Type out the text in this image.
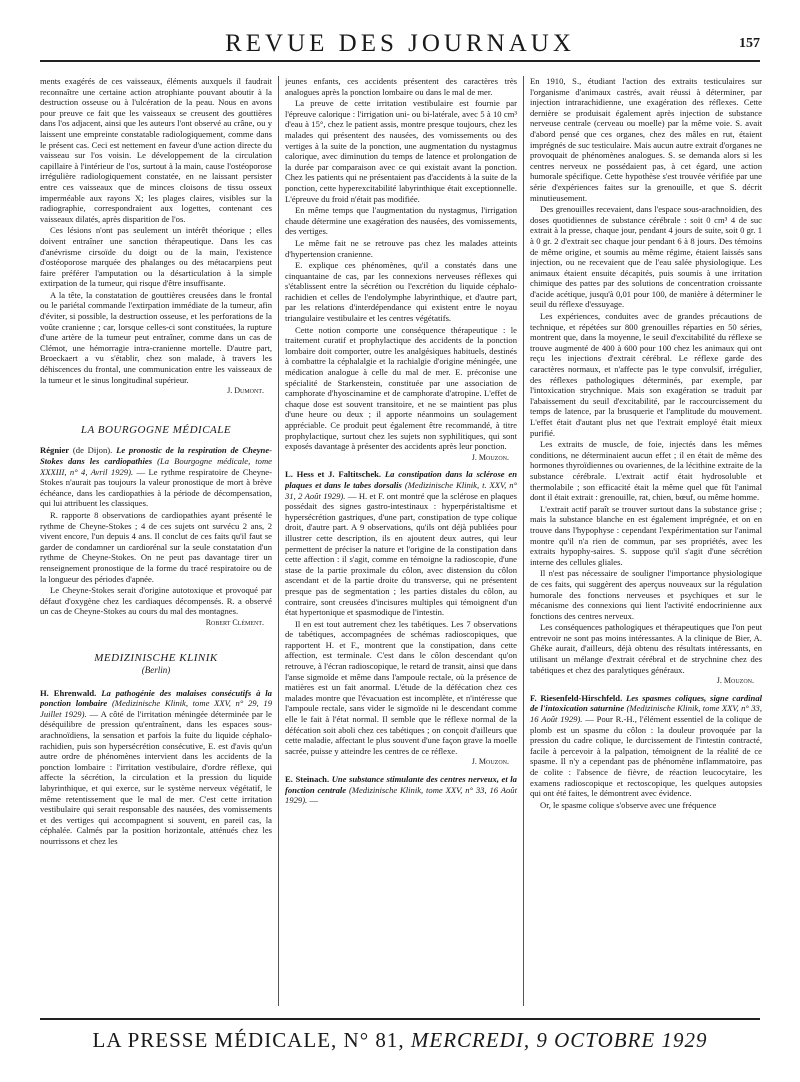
REVUE DES JOURNAUX	157

ments exagérés de ces vaisseaux, éléments auxquels il faudrait reconnaître une certaine action atrophiante pouvant aboutir à la destruction osseuse ou à l'ulcération de la peau. Nous en avons pour preuve ce fait que les vaisseaux se creusent des gouttières dans l'os adjacent, ainsi que les auteurs l'ont observé au crâne, ou y laissent une empreinte constatable radiologiquement, comme dans le présent cas. Ceci est nettement en faveur d'une action directe du vaisseau sur l'os voisin. Le développement de la circulation capillaire à l'intérieur de l'os, surtout à la main, cause l'ostéoporose irrégulière radiologiquement constatée, en ne laissant persister entre ces vaisseaux que de minces cloisons de tissu osseux imperméable aux rayons X; les plages claires, visibles sur la radiographie, correspondraient aux logettes, contenant ces vaisseaux dilatés, après disparition de l'os.

Ces lésions n'ont pas seulement un intérêt théorique ; elles doivent entraîner une sanction thérapeutique. Dans les cas d'anévrisme cirsoïde du doigt ou de la main, l'existence d'ostéoporose marquée des phalanges ou des métacarpiens peut faire préférer l'amputation ou la désarticulation à la simple extirpation de la tumeur, qui risque d'être insuffisante.

A la tête, la constatation de gouttières creusées dans le frontal ou le pariétal commande l'extirpation immédiate de la tumeur, afin d'éviter, si possible, la destruction osseuse, et les perforations de la voûte cranienne ; car, lorsque celles-ci sont constituées, la rupture d'une artère de la tumeur peut entraîner, comme dans un cas de Clémot, une hémorragie intra-cranienne mortelle. D'autre part, Broeckaert a vu s'établir, chez son malade, à travers les déhiscences du frontal, une communication entre les vaisseaux de la tumeur et le sinus longitudinal supérieur.

J. Dumont.
LA BOURGOGNE MÉDICALE

Régnier (de Dijon). Le pronostic de la respiration de Cheyne-Stokes dans les cardiopathies (La Bourgogne médicale, tome XXXIII, n° 4, Avril 1929). — Le rythme respiratoire de Cheyne-Stokes n'aurait pas toujours la valeur pronostique de mort à brève échéance, dans les cardiopathies à la période de décompensation, qui lui attribuent les classiques.

R. rapporte 8 observations de cardiopathies ayant présenté le rythme de Cheyne-Stokes ; 4 de ces sujets ont survécu 2 ans, 2 vivent encore, l'un depuis 4 ans. Il conclut de ces faits qu'il faut se garder de condamner un cardiorénal sur la seule constatation d'un rythme de Cheyne-Stokes. On ne peut pas davantage tirer un renseignement pronostique de la forme du tracé respiratoire ou de la longueur des périodes d'apnée.

Le Cheyne-Stokes serait d'origine autotoxique et provoqué par défaut d'oxygène chez les cardiaques décompensés. R. a observé un cas de Cheyne-Stokes au cours du mal des montagnes.

Robert Clément.
MEDIZINISCHE KLINIK
(Berlin)

H. Ehrenwald. La pathogénie des malaises consécutifs à la ponction lombaire (Medizinische Klinik, tome XXV, n° 29, 19 Juillet 1929). — A côté de l'irritation méningée déterminée par le déséquilibre de pression qu'entraînent, dans les espaces sous-arachnoïdiens, la sensation et parfois la fuite du liquide céphalo-rachidien, puis son hypersécrétion consécutive, E. est d'avis qu'un autre ordre de phénomènes intervient dans les accidents de la ponction lombaire : l'irritation vestibulaire, d'ordre réflexe, qui affecte la sécrétion, la circulation et la pression du liquide labyrinthique, et qui exerce, sur le système nerveux végétatif, le même retentissement que le mal de mer. C'est cette irritation vestibulaire qui serait responsable des nausées, des vomissements et des vertiges qui accompagnent si souvent, en pareil cas, la céphalée. Calmés par la position horizontale, atténués chez les nourrissons et chez les

jeunes enfants, ces accidents présentent des caractères très analogues après la ponction lombaire ou dans le mal de mer.

La preuve de cette irritation vestibulaire est fournie par l'épreuve calorique : l'irrigation uni- ou bi-latérale, avec 5 à 10 cm³ d'eau à 15°, chez le patient assis, montre presque toujours, chez les malades qui présentent des nausées, des vomissements ou des vertiges à la suite de la ponction, une augmentation du nystagmus calorique, avec diminution du temps de latence et prolongation de la durée par comparaison avec ce qui existait avant la ponction. Chez les patients qui ne présentaient pas d'accidents à la suite de la ponction, cette hyperexcitabilité labyrinthique était exceptionnelle. L'épreuve du froid n'était pas modifiée.

En même temps que l'augmentation du nystagmus, l'irrigation chaude détermine une exagération des nausées, des vomissements, des vertiges.

Le même fait ne se retrouve pas chez les malades atteints d'hypertension cranienne.

E. explique ces phénomènes, qu'il a constatés dans une cinquantaine de cas, par les connexions nerveuses réflexes qui s'établissent entre la sécrétion ou l'excrétion du liquide céphalo-rachidien et celles de l'endolymphe labyrinthique, et d'autre part, par les relations d'interdépendance qui existent entre le noyau triangulaire vestibulaire et les centres végétatifs.

Cette notion comporte une conséquence thérapeutique : le traitement curatif et prophylactique des accidents de la ponction lombaire doit comporter, outre les analgésiques habituels, destinés à combattre la céphalalgie et la rachialgie d'origine méningée, une médication analogue à celle du mal de mer. E. préconise une spécialité de Starkenstein, constituée par une association de camphorate d'hyoscinamine et de camphorate d'atropine. L'effet de chaque dose est souvent transitoire, et ne se maintient pas plus d'une heure ou deux ; il apporte néanmoins un soulagement appréciable. Ce produit peut également être recommandé, à titre prophylactique, surtout chez les sujets non syphilitiques, qui sont exposés davantage à présenter des accidents après leur ponction.

J. Mouzon.

L. Hess et J. Faltitschek. La constipation dans la sclérose en plaques et dans le tabes dorsalis (Medizinische Klinik, t. XXV, n° 31, 2 Août 1929). — H. et F. ont montré que la sclérose en plaques possédait des signes gastro-intestinaux : hyperpéristaltisme et hypersécrétion gastriques, d'une part, constipation de type colique droit, d'autre part. A 9 observations, qu'ils ont déjà publiées pour illustrer cette description, ils en ajoutent deux autres, qui leur permettent de préciser la nature et l'origine de la constipation dans cette affection : il s'agit, comme en témoigne la radioscopie, d'une stase de la partie proximale du côlon, avec distension du côlon ascendant et de la partie droite du transverse, qui ne présentent presque pas de segmentation ; les parties distales du côlon, au contraire, sont creusées d'incisures multiples qui témoignent d'un état hypertonique et spasmodique de l'intestin.

Il en est tout autrement chez les tabétiques. Les 7 observations de tabétiques, accompagnées de schémas radioscopiques, que rapportent H. et F., montrent que la constipation, dans cette affection, est terminale. C'est dans le côlon descendant qu'on retrouve, à l'écran radioscopique, le retard de transit, ainsi que dans l'anse sigmoïde et même dans l'ampoule rectale, où la présence de matières est un fait anormal. L'étude de la défécation chez ces malades montre que l'évacuation est incomplète, et n'intéresse que l'ampoule rectale, sans vider le sigmoïde ni le descendant comme elle le fait à l'état normal. Il semble que le réflexe normal de la défécation soit aboli chez ces tabétiques ; on conçoit d'ailleurs que cette maladie, affectant le plus souvent d'une façon grave la moelle sacrée, puisse y atteindre les centres de ce réflexe.

J. Mouzon.

E. Steinach. Une substance stimulante des centres nerveux, et la fonction centrale (Medizinische Klinik, tome XXV, n° 33, 16 Août 1929). —

En 1910, S., étudiant l'action des extraits testiculaires sur l'organisme d'animaux castrés, avait réussi à déterminer, par injection intrarachidienne, une exagération des réflexes. Cette dernière se produisait également après injection de substance nerveuse centrale (cerveau ou moelle) par la même voie. S. avait d'abord pensé que ces organes, chez des mâles en rut, étaient imprégnés de suc testiculaire. Mais aucun autre extrait d'organes ne provoquait de phénomènes analogues. S. se demanda alors si les centres nerveux ne possédaient pas, à cet égard, une action humorale spécifique. Cette hypothèse s'est trouvée vérifiée par une série d'expériences faites sur la grenouille, et que S. décrit minutieusement.

Des grenouilles recevaient, dans l'espace sous-arachnoïdien, des doses quotidiennes de substance cérébrale : soit 0 cm³ 4 de suc extrait à la presse, chaque jour, pendant 4 jours de suite, soit 0 gr. 1 à 0 gr. 2 d'extrait sec chaque jour pendant 6 à 8 jours. Des témoins de même origine, et soumis au même régime, étaient laissés sans injection, ou ne recevaient que de l'eau salée physiologique. Les animaux étaient ensuite décapités, puis soumis à une irritation chimique des pattes par des solutions de concentration croissante d'acide acétique, jusqu'à 0,01 pour 100, de manière à déterminer le seuil du réflexe d'essuyage.

Les expériences, conduites avec de grandes précautions de technique, et répétées sur 800 grenouilles réparties en 50 séries, montrent que, dans la moyenne, le seuil d'excitabilité du réflexe se trouve augmenté de 400 à 600 pour 100 chez les animaux qui ont reçu les injections d'extrait cérébral. Le réflexe garde des caractères normaux, et n'affecte pas le type convulsif, irrégulier, des réflexes pathologiques déterminés, par exemple, par l'intoxication strychnique. Mais son exagération se traduit par l'abaissement du seuil d'excitabilité, par le raccourcissement du temps de latence, par la brusquerie et l'amplitude du mouvement. L'effet était d'autant plus net que l'extrait employé était mieux purifié.

Les extraits de muscle, de foie, injectés dans les mêmes conditions, ne déterminaient aucun effet ; il en était de même des hormones thyroïdiennes ou ovariennes, de la lécithine extraite de la substance cérébrale. L'extrait actif était hydrosoluble et thermolabile ; son efficacité était la même quel que fût l'animal dont il était extrait : grenouille, rat, chien, bœuf, ou même homme.

L'extrait actif paraît se trouver surtout dans la substance grise ; mais la substance blanche en est également imprégnée, et on en trouve dans l'hypophyse : cependant l'expérimentation sur l'animal montre qu'il n'a rien de commun, par ses propriétés, avec les extraits hypophy-saires. S. suppose qu'il s'agit d'une sécrétion interne des cellules gliales.

Il n'est pas nécessaire de souligner l'importance physiologique de ces faits, qui suggèrent des aperçus nouveaux sur la régulation humorale des fonctions nerveuses et psychiques et sur le mécanisme des connexions qui lient l'activité endocrinienne aux fonctions des centres nerveux.

Les conséquences pathologiques et thérapeutiques que l'on peut entrevoir ne sont pas moins intéressantes. A la clinique de Bier, A. Ghéke aurait, d'ailleurs, déjà obtenu des résultats intéressants, en utilisant un mélange d'extrait cérébral et de strychnine chez des tabétiques et chez des paralytiques généraux.

J. Mouzon.

F. Riesenfeld-Hirschfeld. Les spasmes coliques, signe cardinal de l'intoxication saturnine (Medizinische Klinik, tome XXV, n° 33, 16 Août 1929). — Pour R.-H., l'élément essentiel de la colique de plomb est un spasme du côlon : la douleur provoquée par la pression du cadre colique, le durcissement de l'intestin contracté, facile à percevoir à la palpation, témoignent de la réalité de ce spasme. Il n'y a cependant pas de phénomène inflammatoire, pas de colite : l'absence de fièvre, de réaction leucocytaire, les examens radioscopique et rectoscopique, les quelques autopsies qui ont été faites, le démontrent avec évidence.

Or, le spasme colique s'observe avec une fréquence

LA PRESSE MÉDICALE, N° 81, MERCREDI, 9 OCTOBRE 1929
